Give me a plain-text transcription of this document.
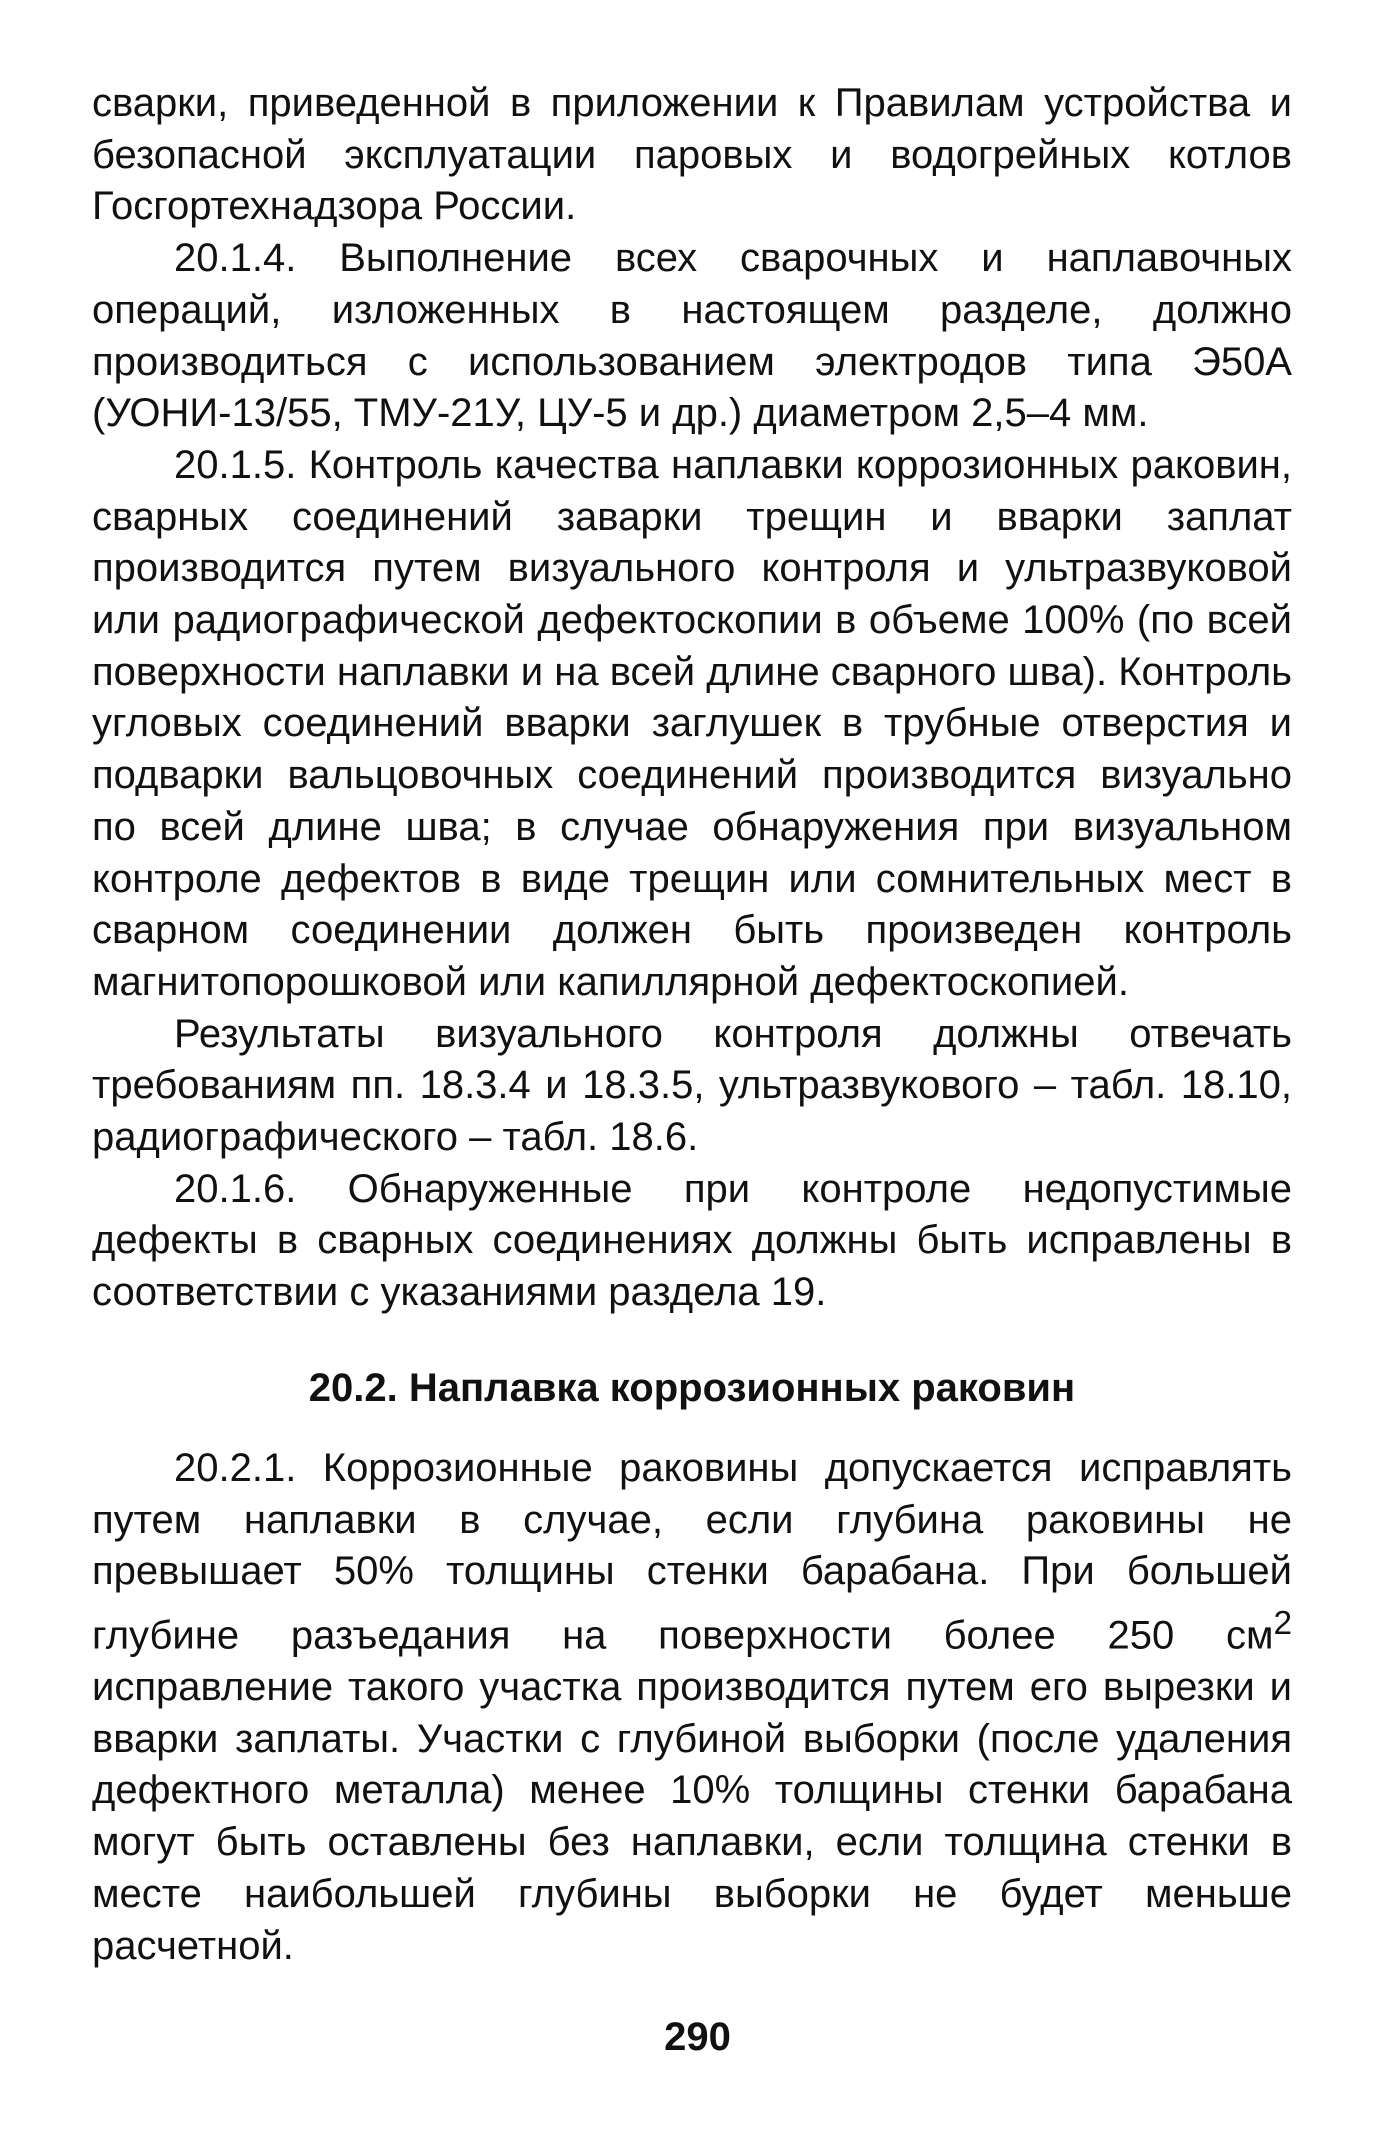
сварки, приведенной в приложении к Правилам устройства и безопасной эксплуатации паровых и водогрейных котлов Госгортехнадзора России.

20.1.4. Выполнение всех сварочных и наплавочных операций, изложенных в настоящем разделе, должно производиться с использованием электродов типа Э50А (УОНИ-13/55, ТМУ-21У, ЦУ-5 и др.) диаметром 2,5–4 мм.

20.1.5. Контроль качества наплавки коррозионных раковин, сварных соединений заварки трещин и вварки заплат производится путем визуального контроля и ультразвуковой или радиографической дефектоскопии в объеме 100% (по всей поверхности наплавки и на всей длине сварного шва). Контроль угловых соединений вварки заглушек в трубные отверстия и подварки вальцовочных соединений производится визуально по всей длине шва; в случае обнаружения при визуальном контроле дефектов в виде трещин или сомнительных мест в сварном соединении должен быть произведен контроль магнитопорошковой или капиллярной дефектоскопией.

Результаты визуального контроля должны отвечать требованиям пп. 18.3.4 и 18.3.5, ультразвукового – табл. 18.10, радиографического – табл. 18.6.

20.1.6. Обнаруженные при контроле недопустимые дефекты в сварных соединениях должны быть исправлены в соответствии с указаниями раздела 19.

20.2. Наплавка коррозионных раковин

20.2.1. Коррозионные раковины допускается исправлять путем наплавки в случае, если глубина раковины не превышает 50% толщины стенки барабана. При большей глубине разъедания на поверхности более 250 $см^2$ исправление такого участка производится путем его вырезки и вварки заплаты. Участки с глубиной выборки (после удаления дефектного металла) менее 10% толщины стенки барабана могут быть оставлены без наплавки, если толщина стенки в месте наибольшей глубины выборки не будет меньше расчетной.

290
